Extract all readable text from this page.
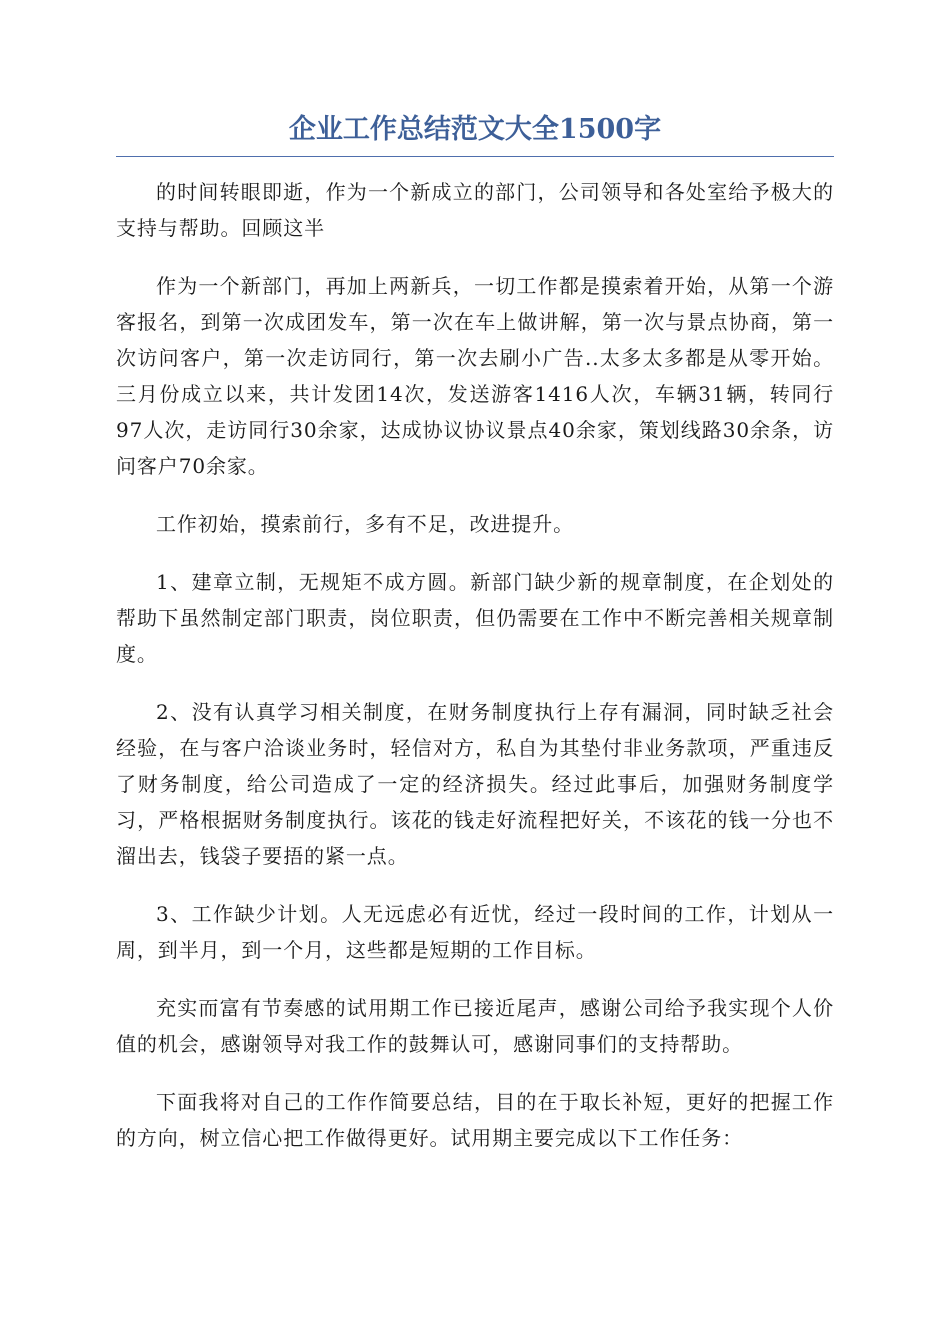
企业工作总结范文大全1500字

的时间转眼即逝，作为一个新成立的部门，公司领导和各处室给予极大的支持与帮助。回顾这半

作为一个新部门，再加上两新兵，一切工作都是摸索着开始，从第一个游客报名，到第一次成团发车，第一次在车上做讲解，第一次与景点协商，第一次访问客户，第一次走访同行，第一次去刷小广告..太多太多都是从零开始。三月份成立以来，共计发团14次，发送游客1416人次，车辆31辆，转同行97人次，走访同行30余家，达成协议协议景点40余家，策划线路30余条，访问客户70余家。

工作初始，摸索前行，多有不足，改进提升。

1、建章立制，无规矩不成方圆。新部门缺少新的规章制度，在企划处的帮助下虽然制定部门职责，岗位职责，但仍需要在工作中不断完善相关规章制度。

2、没有认真学习相关制度，在财务制度执行上存有漏洞，同时缺乏社会经验，在与客户洽谈业务时，轻信对方，私自为其垫付非业务款项，严重违反了财务制度，给公司造成了一定的经济损失。经过此事后，加强财务制度学习，严格根据财务制度执行。该花的钱走好流程把好关，不该花的钱一分也不溜出去，钱袋子要捂的紧一点。

3、工作缺少计划。人无远虑必有近忧，经过一段时间的工作，计划从一周，到半月，到一个月，这些都是短期的工作目标。

充实而富有节奏感的试用期工作已接近尾声，感谢公司给予我实现个人价值的机会，感谢领导对我工作的鼓舞认可，感谢同事们的支持帮助。

下面我将对自己的工作作简要总结，目的在于取长补短，更好的把握工作的方向，树立信心把工作做得更好。试用期主要完成以下工作任务：
